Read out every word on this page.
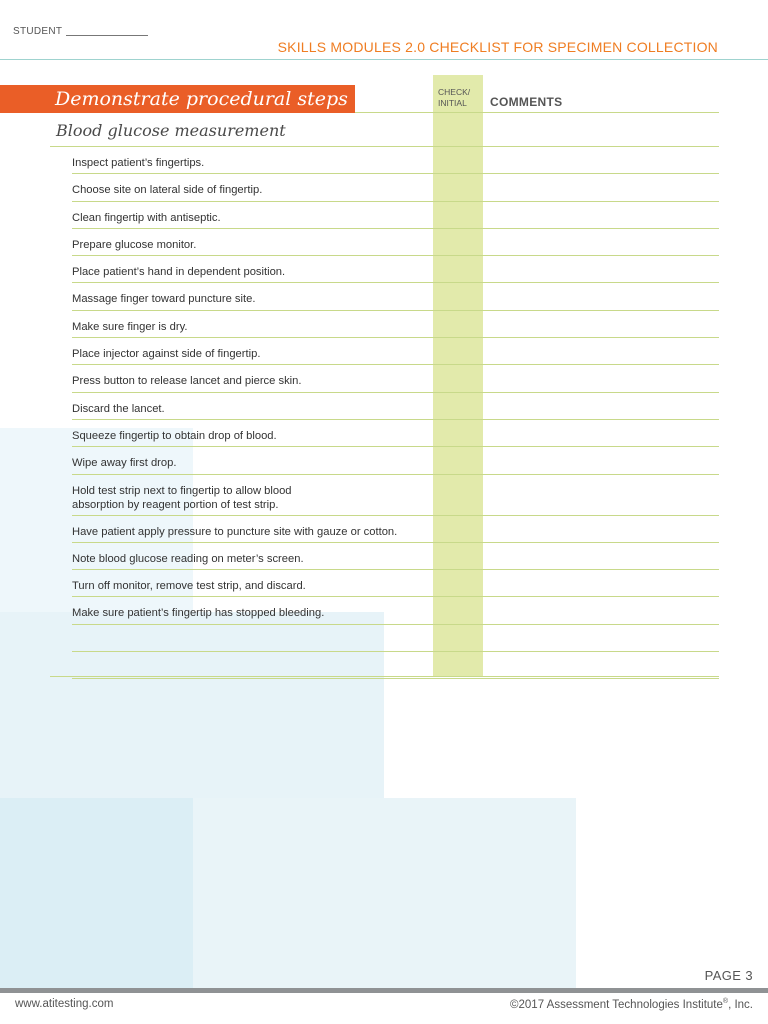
STUDENT
SKILLS MODULES 2.0 CHECKLIST FOR SPECIMEN COLLECTION
Demonstrate procedural steps	CHECK/
INITIAL COMMENTS
Blood glucose measurement
Inspect patient’s fingertips.
Choose site on lateral side of fingertip.
Clean fingertip with antiseptic.
Prepare glucose monitor.
Place patient’s hand in dependent position.
Massage finger toward puncture site.
Make sure finger is dry.
Place injector against side of fingertip.
Press button to release lancet and pierce skin.
Discard the lancet.
Squeeze fingertip to obtain drop of blood.
Wipe away first drop.
Hold test strip next to fingertip to allow blood
absorption by reagent portion of test strip.
Have patient apply pressure to puncture site with gauze or cotton.
Note blood glucose reading on meter’s screen.
Turn off monitor, remove test strip, and discard.
Make sure patient’s fingertip has stopped bleeding.
PAGE 3
www.atitesting.com	©2017 Assessment Technologies Institute®, Inc.
